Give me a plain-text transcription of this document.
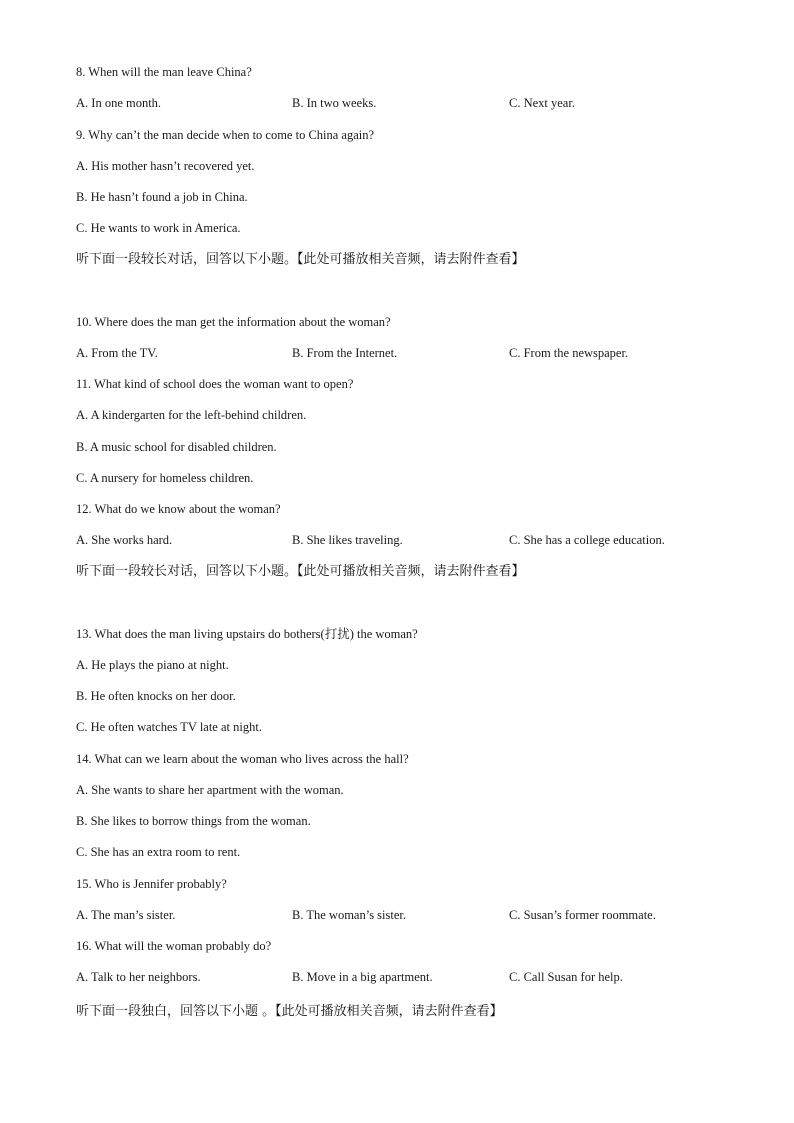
8. When will the man leave China?
A. In one month.	B. In two weeks.	C. Next year.
9. Why can’t the man decide when to come to China again?
A. His mother hasn’t recovered yet.
B. He hasn’t found a job in China.
C. He wants to work in America.
听下面一段较长对话，回答以下小题。【此处可播放相关音频，请去附件查看】
10. Where does the man get the information about the woman?
A. From the TV.	B. From the Internet.	C. From the newspaper.
11. What kind of school does the woman want to open?
A. A kindergarten for the left-behind children.
B. A music school for disabled children.
C. A nursery for homeless children.
12. What do we know about the woman?
A. She works hard.	B. She likes traveling.	C. She has a college education.
听下面一段较长对话，回答以下小题。【此处可播放相关音频，请去附件查看】
13. What does the man living upstairs do bothers(打扰) the woman?
A. He plays the piano at night.
B. He often knocks on her door.
C. He often watches TV late at night.
14. What can we learn about the woman who lives across the hall?
A. She wants to share her apartment with the woman.
B. She likes to borrow things from the woman.
C. She has an extra room to rent.
15. Who is Jennifer probably?
A. The man’s sister.	B. The woman’s sister.	C. Susan’s former roommate.
16. What will the woman probably do?
A. Talk to her neighbors.	B. Move in a big apartment.	C. Call Susan for help.
听下面一段独白，回答以下小题 。【此处可播放相关音频，请去附件查看】
